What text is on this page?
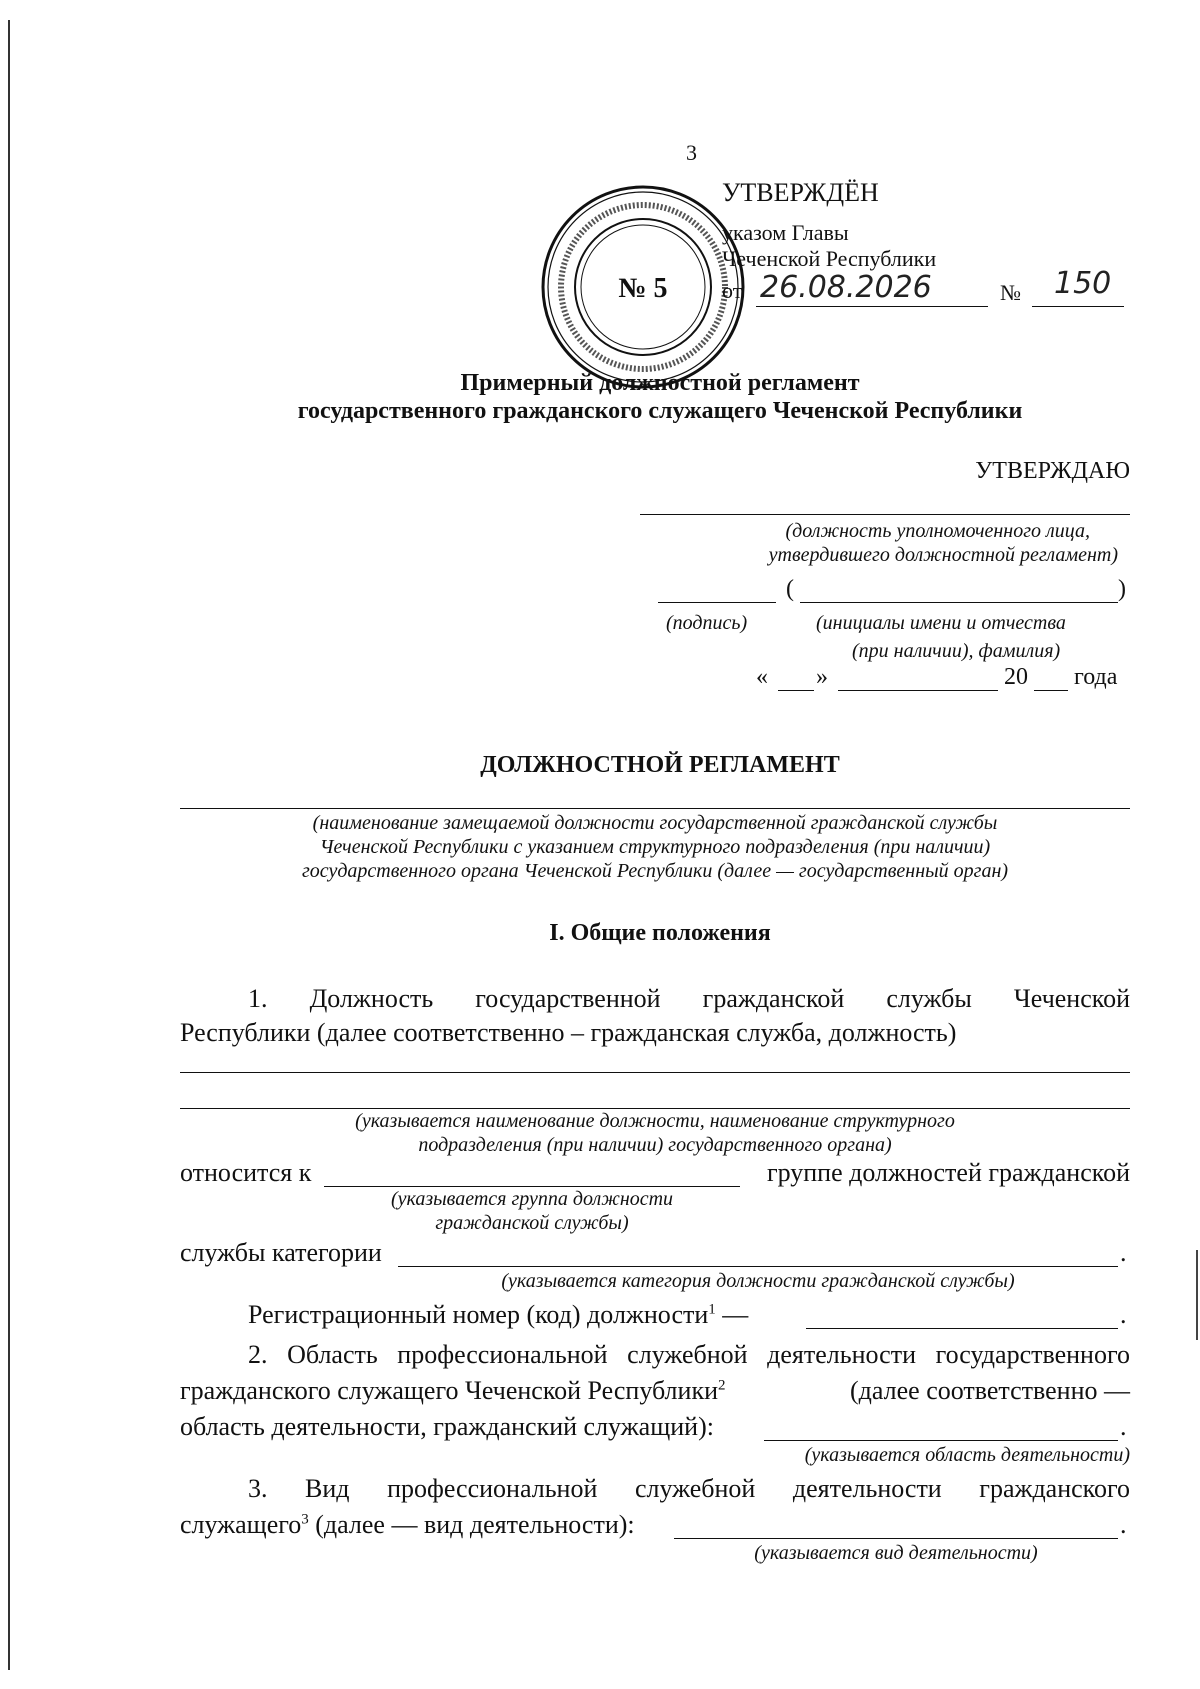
3
№ 5
УТВЕРЖДЁН
указом Главы
Чеченской Республики
от 26.08.2026	№ 150
Примерный должностной регламент
государственного гражданского служащего Чеченской Республики
УТВЕРЖДАЮ
(должность уполномоченного лица,
утвердившего должностной регламент)
(	)
(подпись)	(инициалы имени и отчества
(при наличии), фамилия)
« »	20 года
ДОЛЖНОСТНОЙ РЕГЛАМЕНТ
(наименование замещаемой должности государственной гражданской службы
Чеченской Республики с указанием структурного подразделения (при наличии)
государственного органа Чеченской Республики (далее — государственный орган)
I. Общие положения
1. Должность государственной гражданской службы Чеченской
Республики (далее соответственно – гражданская служба, должность)
(указывается наименование должности, наименование структурного
подразделения (при наличии) государственного органа)
относится к	группе должностей гражданской
(указывается группа должности
гражданской службы)
службы категории	.
(указывается категория должности гражданской службы)
Регистрационный номер (код) должности$^1$ —	.
2. Область профессиональной служебной деятельности государственного
гражданского служащего Чеченской Республики$^2$	(далее соответственно —
область деятельности, гражданский служащий):	.
(указывается область деятельности)
3. Вид профессиональной служебной деятельности гражданского
служащего$^3$ (далее — вид деятельности):	.
(указывается вид деятельности)
